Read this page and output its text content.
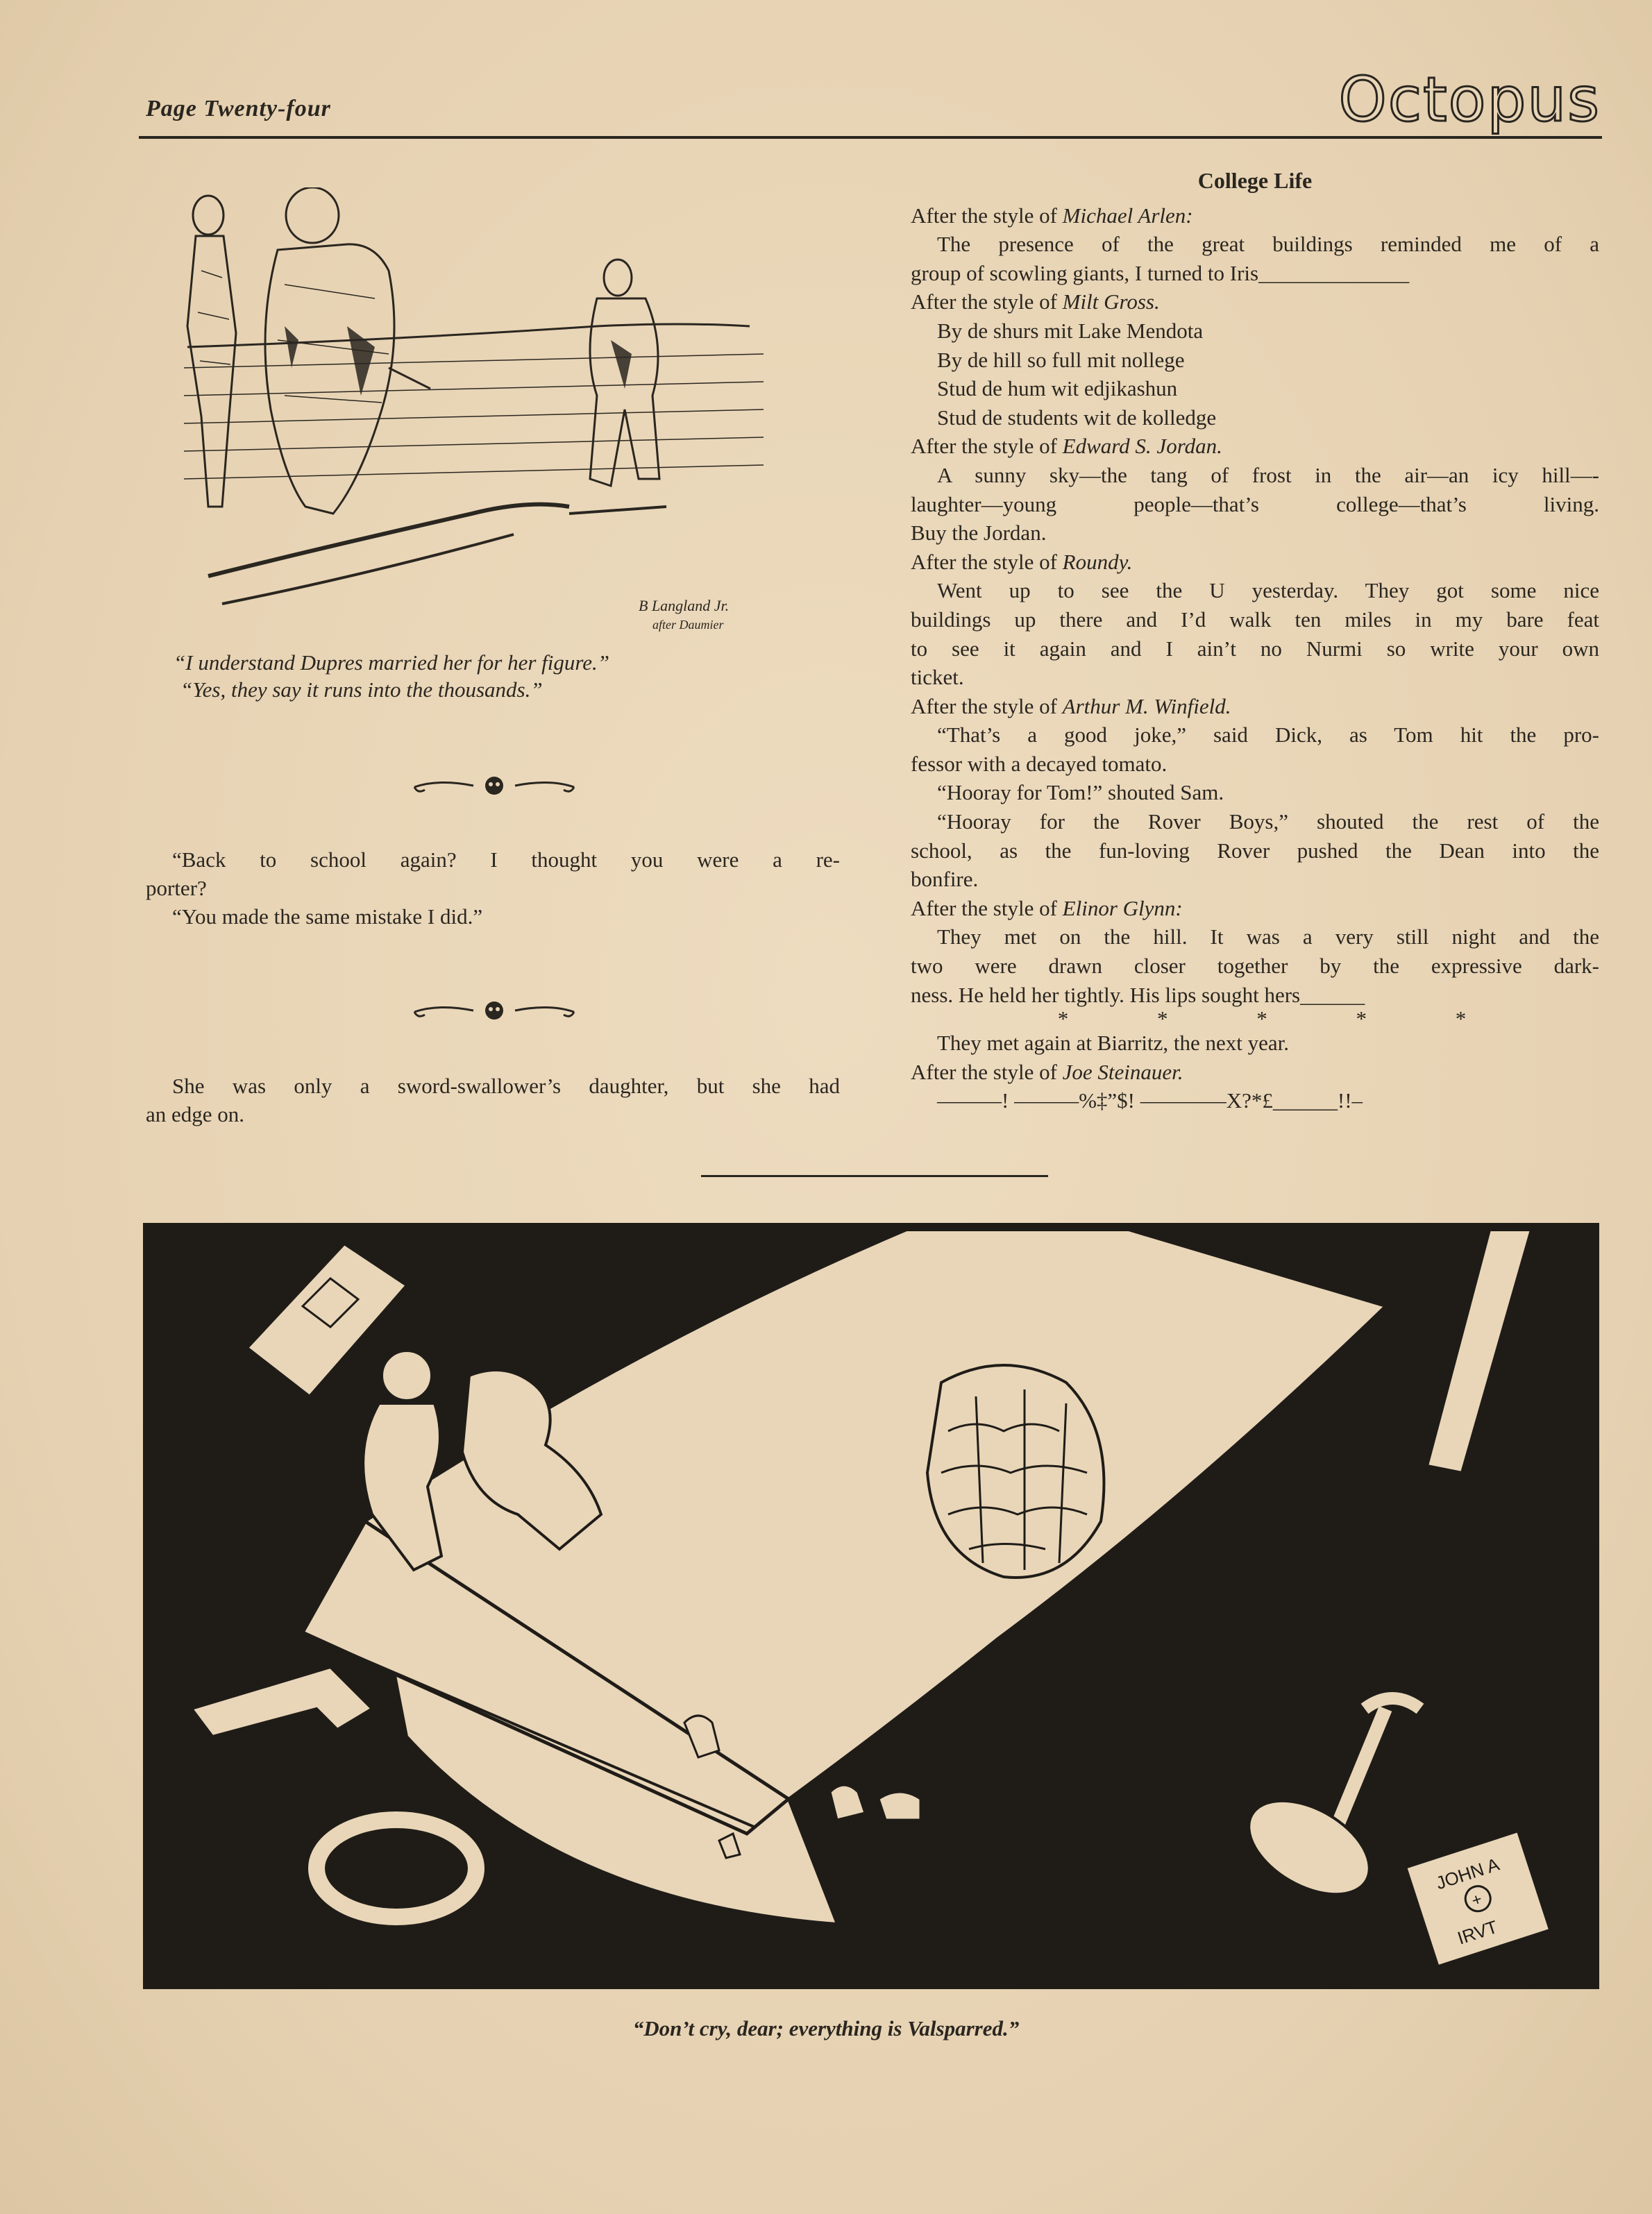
Page Twenty-four	Octopus
B Langland Jr.
after Daumier
“I understand Dupres married her for her figure.”
“Yes, they say it runs into the thousands.”
“Back to school again? I thought you were a re-
porter?
“You made the same mistake I did.”
She was only a sword-swallower’s daughter, but she had
an edge on.
College Life
After the style of Michael Arlen:
The presence of the great buildings reminded me of a
group of scowling giants, I turned to Iris______________
After the style of Milt Gross.
By de shurs mit Lake Mendota
By de hill so full mit nollege
Stud de hum wit edjikashun
Stud de students wit de kolledge
After the style of Edward S. Jordan.
A sunny sky—the tang of frost in the air—an icy hill—-
laughter—young people—that’s college—that’s living.
Buy the Jordan.
After the style of Roundy.
Went up to see the U yesterday. They got some nice
buildings up there and I’d walk ten miles in my bare feat
to see it again and I ain’t no Nurmi so write your own
ticket.
After the style of Arthur M. Winfield.
“That’s a good joke,” said Dick, as Tom hit the pro-
fessor with a decayed tomato.
“Hooray for Tom!” shouted Sam.
“Hooray for the Rover Boys,” shouted the rest of the
school, as the fun-loving Rover pushed the Dean into the
bonfire.
After the style of Elinor Glynn:
They met on the hill. It was a very still night and the
two were drawn closer together by the expressive dark-
ness. He held her tightly. His lips sought hers______
* * * * *
They met again at Biarritz, the next year.
After the style of Joe Steinauer.
———! ———%‡”$! ————X?*£______!!–
JOHN A
+
IRVT
“Don’t cry, dear; everything is Valsparred.”
